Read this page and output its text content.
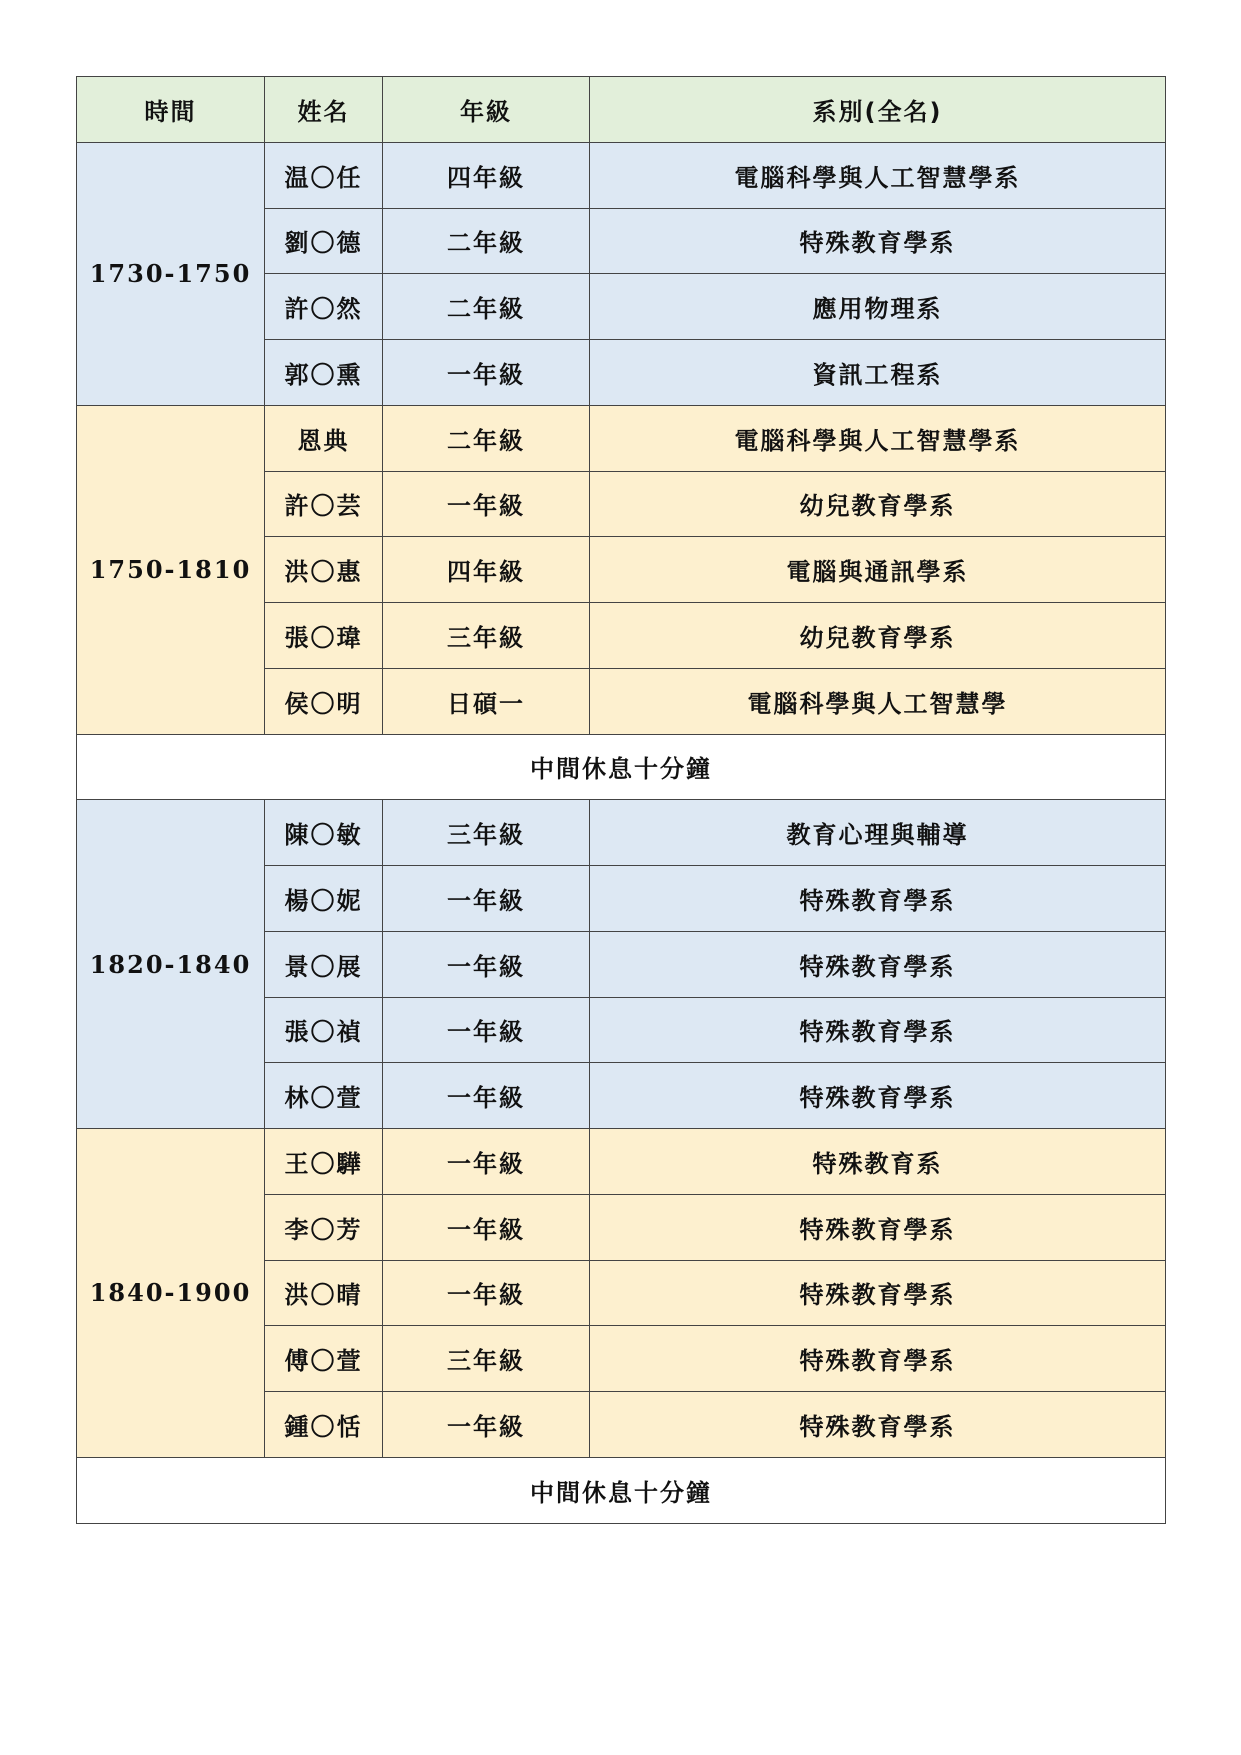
時間	姓名	年級	系別(全名)
1730-1750	温〇任	四年級	電腦科學與人工智慧學系
	劉〇德	二年級	特殊教育學系
	許〇然	二年級	應用物理系
	郭〇熏	一年級	資訊工程系
1750-1810	恩典	二年級	電腦科學與人工智慧學系
	許〇芸	一年級	幼兒教育學系
	洪〇惠	四年級	電腦與通訊學系
	張〇瑋	三年級	幼兒教育學系
	侯〇明	日碩一	電腦科學與人工智慧學
中間休息十分鐘			
1820-1840	陳〇敏	三年級	教育心理與輔導
	楊〇妮	一年級	特殊教育學系
	景〇展	一年級	特殊教育學系
	張〇禎	一年級	特殊教育學系
	林〇萱	一年級	特殊教育學系
1840-1900	王〇驊	一年級	特殊教育系
	李〇芳	一年級	特殊教育學系
	洪〇晴	一年級	特殊教育學系
	傅〇萱	三年級	特殊教育學系
	鍾〇恬	一年級	特殊教育學系
中間休息十分鐘			
